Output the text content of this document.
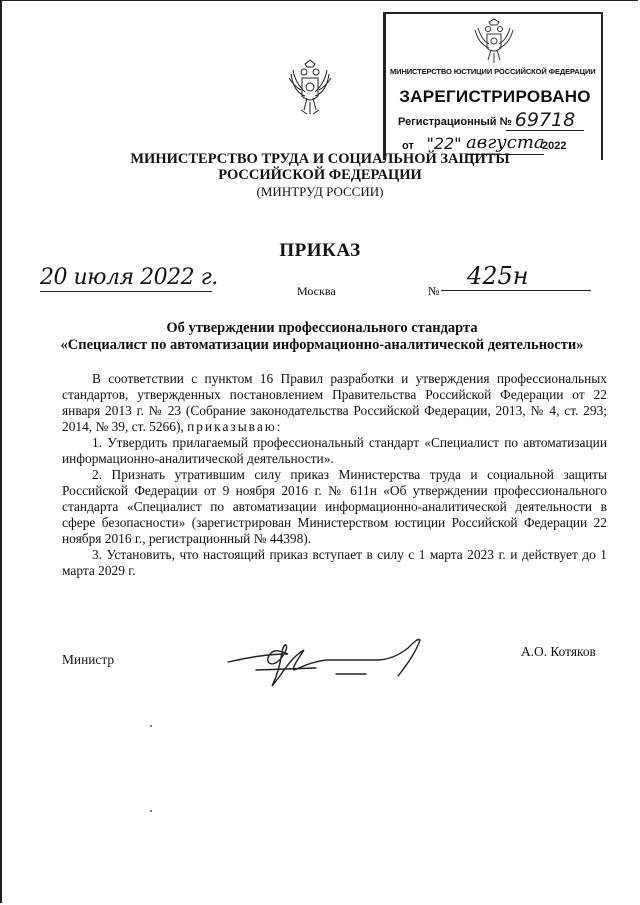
МИНИСТЕРСТВО ЮСТИЦИИ РОССИЙСКОЙ ФЕДЕРАЦИИ
ЗАРЕГИСТРИРОВАНО
Регистрационный № 69718
от "22" августа
2022
МИНИСТЕРСТВО ТРУДА И СОЦИАЛЬНОЙ ЗАЩИТЫ
РОССИЙСКОЙ ФЕДЕРАЦИИ
(МИНТРУД РОССИИ)
ПРИКАЗ
20 июля 2022 г.
Москва	№
425н
Об утверждении профессионального стандарта
«Специалист по автоматизации информационно-аналитической деятельности»

В соответствии с пунктом 16 Правил разработки и утверждения профессиональных стандартов, утвержденных постановлением Правительства Российской Федерации от 22 января 2013 г. № 23 (Собрание законодательства Российской Федерации, 2013, № 4, ст. 293; 2014, № 39, ст. 5266), приказываю:

1. Утвердить прилагаемый профессиональный стандарт «Специалист по автоматизации информационно-аналитической деятельности».

2. Признать утратившим силу приказ Министерства труда и социальной защиты Российской Федерации от 9 ноября 2016 г. № 611н «Об утверждении профессионального стандарта «Специалист по автоматизации информационно-аналитической деятельности в сфере безопасности» (зарегистрирован Министерством юстиции Российской Федерации 22 ноября 2016 г., регистрационный № 44398).

3. Установить, что настоящий приказ вступает в силу с 1 марта 2023 г. и действует до 1 марта 2029 г.

Министр
А.О. Котяков
